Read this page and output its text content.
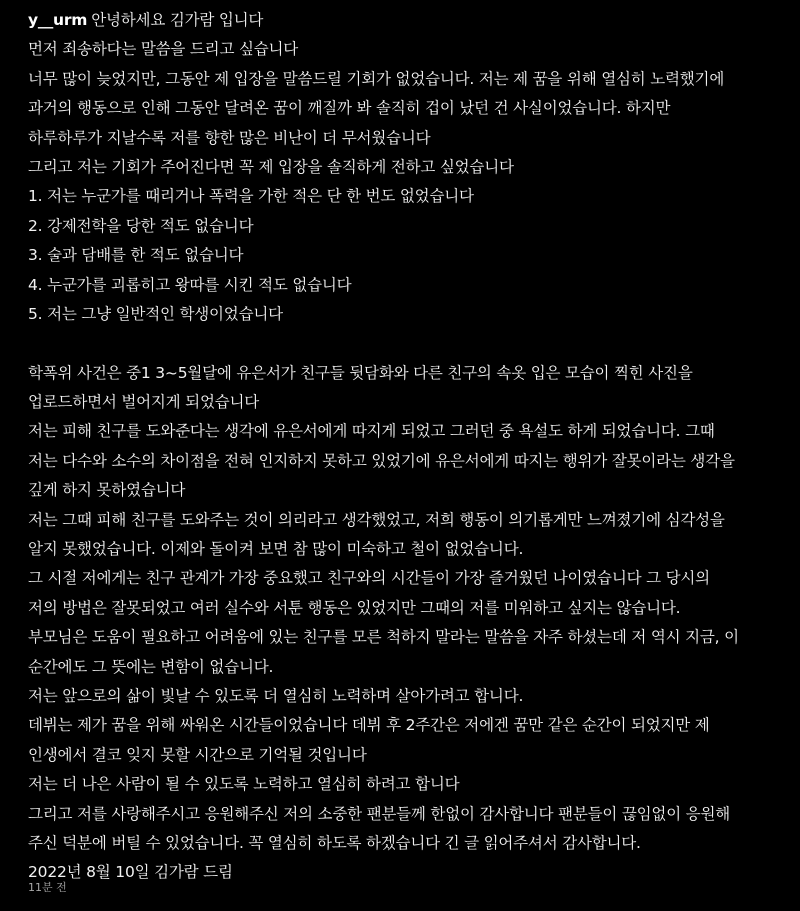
y__urm 안녕하세요 김가람 입니다
먼저 죄송하다는 말씀을 드리고 싶습니다
너무 많이 늦었지만, 그동안 제 입장을 말씀드릴 기회가 없었습니다. 저는 제 꿈을 위해 열심히 노력했기에
과거의 행동으로 인해 그동안 달려온 꿈이 깨질까 봐 솔직히 겁이 났던 건 사실이었습니다. 하지만
하루하루가 지날수록 저를 향한 많은 비난이 더 무서웠습니다
그리고 저는 기회가 주어진다면 꼭 제 입장을 솔직하게 전하고 싶었습니다
1. 저는 누군가를 때리거나 폭력을 가한 적은 단 한 번도 없었습니다
2. 강제전학을 당한 적도 없습니다
3. 술과 담배를 한 적도 없습니다
4. 누군가를 괴롭히고 왕따를 시킨 적도 없습니다
5. 저는 그냥 일반적인 학생이었습니다
학폭위 사건은 중1 3~5월달에 유은서가 친구들 뒷담화와 다른 친구의 속옷 입은 모습이 찍힌 사진을
업로드하면서 벌어지게 되었습니다
저는 피해 친구를 도와준다는 생각에 유은서에게 따지게 되었고 그러던 중 욕설도 하게 되었습니다. 그때
저는 다수와 소수의 차이점을 전혀 인지하지 못하고 있었기에 유은서에게 따지는 행위가 잘못이라는 생각을
깊게 하지 못하였습니다
저는 그때 피해 친구를 도와주는 것이 의리라고 생각했었고, 저희 행동이 의기롭게만 느껴졌기에 심각성을
알지 못했었습니다. 이제와 돌이켜 보면 참 많이 미숙하고 철이 없었습니다.
그 시절 저에게는 친구 관계가 가장 중요했고 친구와의 시간들이 가장 즐거웠던 나이였습니다 그 당시의
저의 방법은 잘못되었고 여러 실수와 서툰 행동은 있었지만 그때의 저를 미워하고 싶지는 않습니다.
부모님은 도움이 필요하고 어려움에 있는 친구를 모른 척하지 말라는 말씀을 자주 하셨는데 저 역시 지금, 이
순간에도 그 뜻에는 변함이 없습니다.
저는 앞으로의 삶이 빛날 수 있도록 더 열심히 노력하며 살아가려고 합니다.
데뷔는 제가 꿈을 위해 싸워온 시간들이었습니다 데뷔 후 2주간은 저에겐 꿈만 같은 순간이 되었지만 제
인생에서 결코 잊지 못할 시간으로 기억될 것입니다
저는 더 나은 사람이 될 수 있도록 노력하고 열심히 하려고 합니다
그리고 저를 사랑해주시고 응원해주신 저의 소중한 팬분들께 한없이 감사합니다 팬분들이 끊임없이 응원해
주신 덕분에 버틸 수 있었습니다. 꼭 열심히 하도록 하겠습니다 긴 글 읽어주셔서 감사합니다.
2022년 8월 10일 김가람 드림
11분 전
